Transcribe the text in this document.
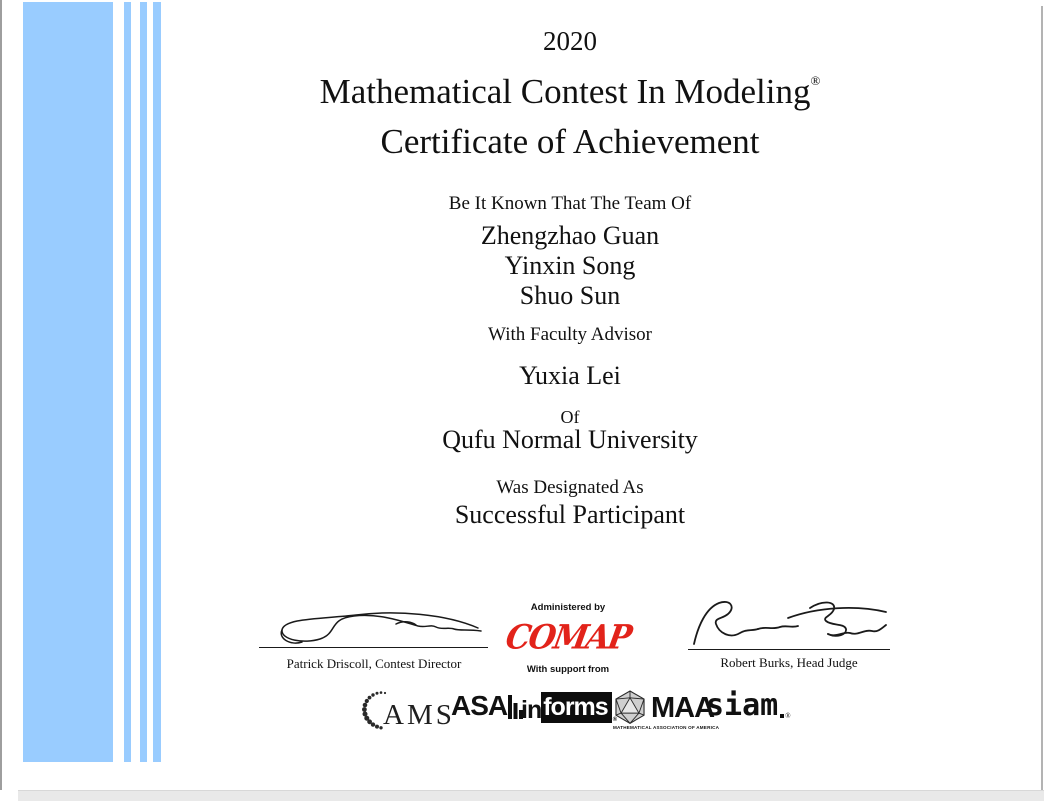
2020
Mathematical Contest In Modeling®
Certificate of Achievement
Be It Known That The Team Of
Zhengzhao Guan
Yinxin Song
Shuo Sun
With Faculty Advisor
Yuxia Lei
Of
Qufu Normal University
Was Designated As
Successful Participant
Patrick Driscoll, Contest Director	Robert Burks, Head Judge
Administered by
COMAP
With support from
AMS
ASA in forms ® MAA
MATHEMATICAL ASSOCIATION OF AMERICA
siam ®
